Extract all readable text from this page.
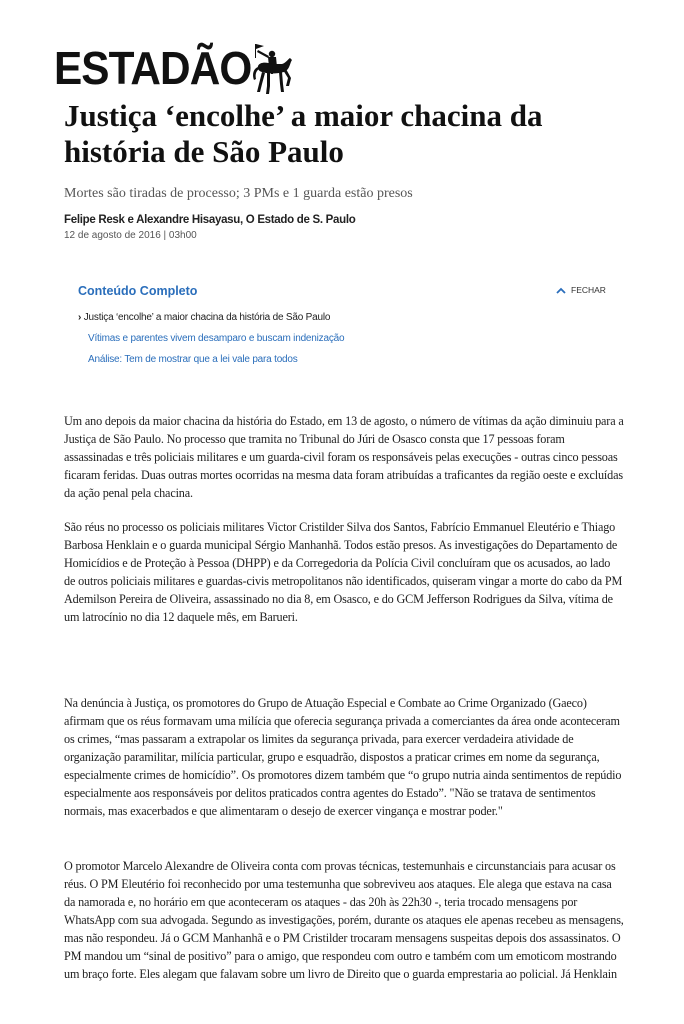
ESTADÃO
Justiça ‘encolhe’ a maior chacina da história de São Paulo
Mortes são tiradas de processo; 3 PMs e 1 guarda estão presos
Felipe Resk e Alexandre Hisayasu, O Estado de S. Paulo
12 de agosto de 2016 | 03h00
Conteúdo Completo	FECHAR
› Justiça ‘encolhe’ a maior chacina da história de São Paulo
Vítimas e parentes vivem desamparo e buscam indenização
Análise: Tem de mostrar que a lei vale para todos

Um ano depois da maior chacina da história do Estado, em 13 de agosto, o número de vítimas da ação diminuiu para a Justiça de São Paulo. No processo que tramita no Tribunal do Júri de Osasco consta que 17 pessoas foram assassinadas e três policiais militares e um guarda-civil foram os responsáveis pelas execuções - outras cinco pessoas ficaram feridas. Duas outras mortes ocorridas na mesma data foram atribuídas a traficantes da região oeste e excluídas da ação penal pela chacina.

São réus no processo os policiais militares Victor Cristilder Silva dos Santos, Fabrício Emmanuel Eleutério e Thiago Barbosa Henklain e o guarda municipal Sérgio Manhanhã. Todos estão presos. As investigações do Departamento de Homicídios e de Proteção à Pessoa (DHPP) e da Corregedoria da Polícia Civil concluíram que os acusados, ao lado de outros policiais militares e guardas-civis metropolitanos não identificados, quiseram vingar a morte do cabo da PM Ademilson Pereira de Oliveira, assassinado no dia 8, em Osasco, e do GCM Jefferson Rodrigues da Silva, vítima de um latrocínio no dia 12 daquele mês, em Barueri.

Na denúncia à Justiça, os promotores do Grupo de Atuação Especial e Combate ao Crime Organizado (Gaeco) afirmam que os réus formavam uma milícia que oferecia segurança privada a comerciantes da área onde aconteceram os crimes, “mas passaram a extrapolar os limites da segurança privada, para exercer verdadeira atividade de organização paramilitar, milícia particular, grupo e esquadrão, dispostos a praticar crimes em nome da segurança, especialmente crimes de homicídio”. Os promotores dizem também que “o grupo nutria ainda sentimentos de repúdio especialmente aos responsáveis por delitos praticados contra agentes do Estado”. "Não se tratava de sentimentos normais, mas exacerbados e que alimentaram o desejo de exercer vingança e mostrar poder."

O promotor Marcelo Alexandre de Oliveira conta com provas técnicas, testemunhais e circunstanciais para acusar os réus. O PM Eleutério foi reconhecido por uma testemunha que sobreviveu aos ataques. Ele alega que estava na casa da namorada e, no horário em que aconteceram os ataques - das 20h às 22h30 -, teria trocado mensagens por WhatsApp com sua advogada. Segundo as investigações, porém, durante os ataques ele apenas recebeu as mensagens, mas não respondeu. Já o GCM Manhanhã e o PM Cristilder trocaram mensagens suspeitas depois dos assassinatos. O PM mandou um “sinal de positivo” para o amigo, que respondeu com outro e também com um emoticom mostrando um braço forte. Eles alegam que falavam sobre um livro de Direito que o guarda emprestaria ao policial. Já Henklain
